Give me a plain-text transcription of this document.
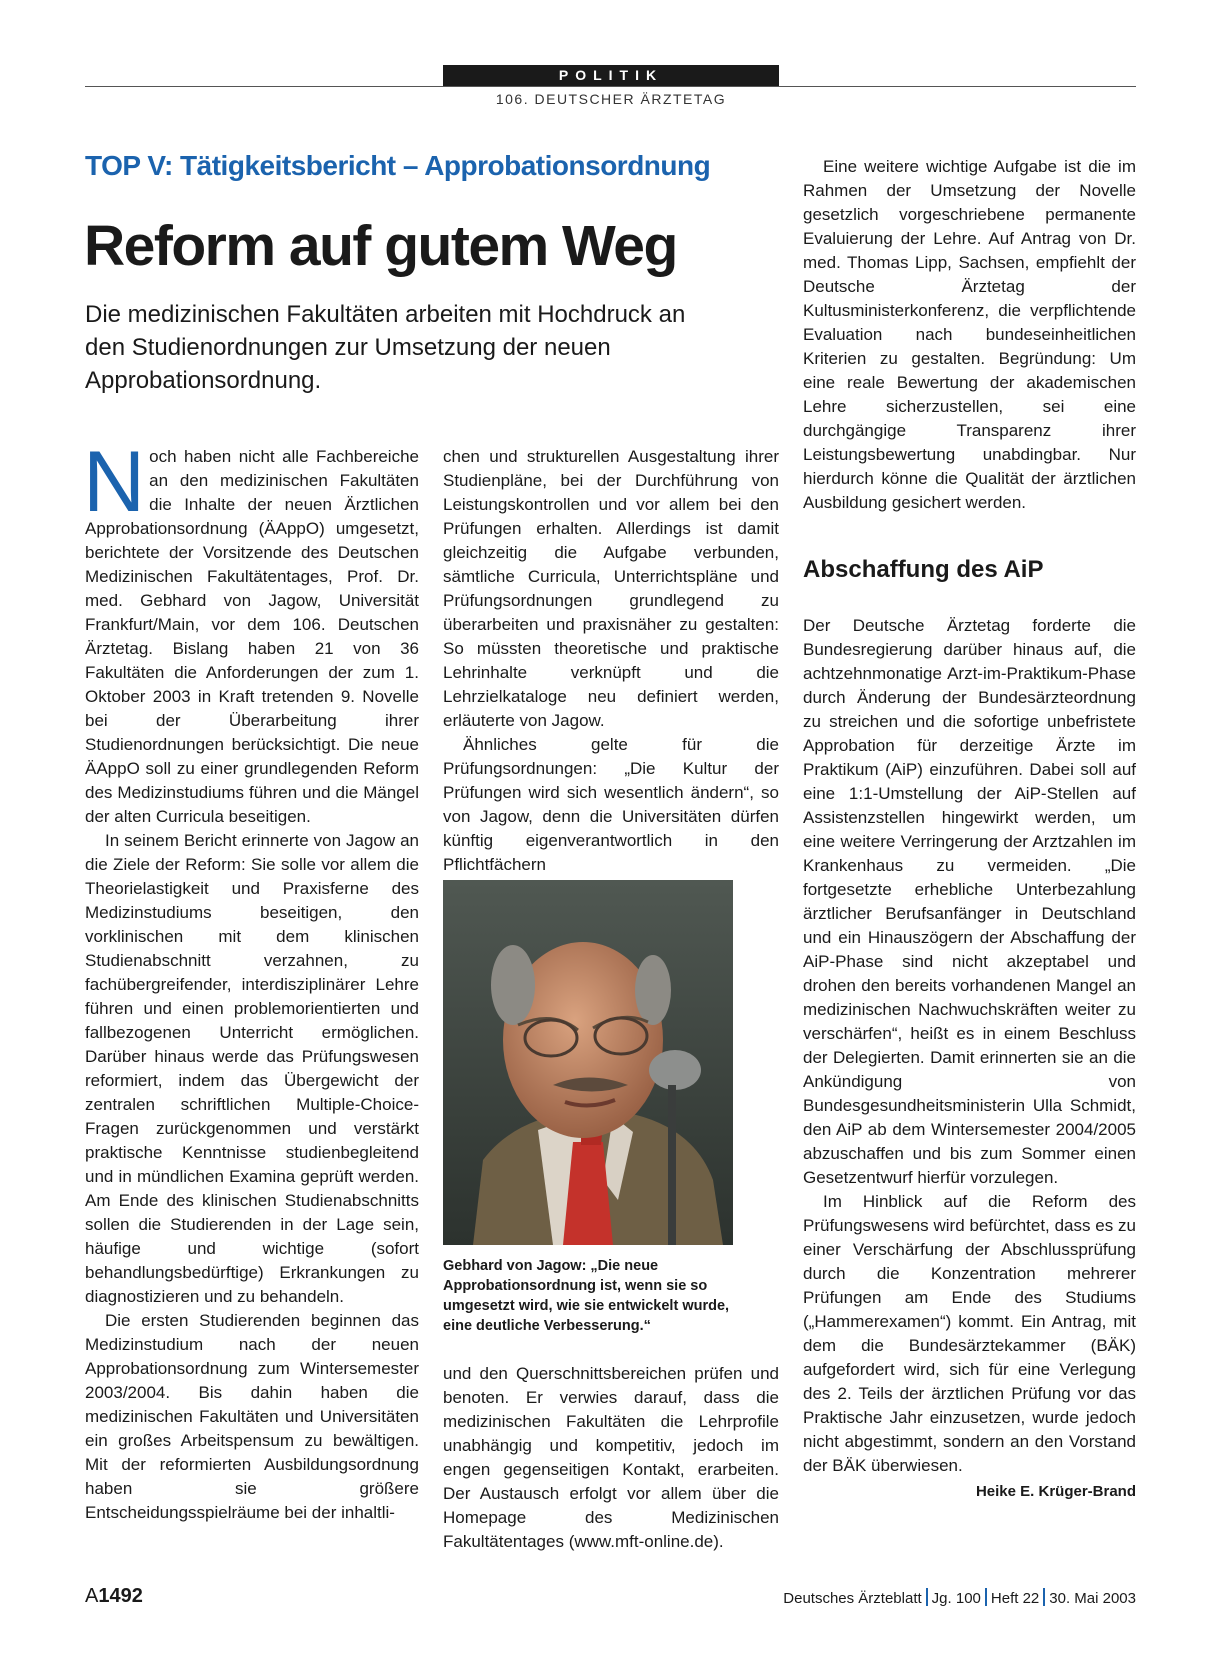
POLITIK
106. DEUTSCHER ÄRZTETAG
TOP V: Tätigkeitsbericht – Approbationsordnung
Reform auf gutem Weg
Die medizinischen Fakultäten arbeiten mit Hochdruck an den Studienordnungen zur Umsetzung der neuen Approbationsordnung.

Noch haben nicht alle Fachbereiche an den medizinischen Fakultäten die Inhalte der neuen Ärztlichen Approbationsordnung (ÄAppO) umgesetzt, berichtete der Vorsitzende des Deutschen Medizinischen Fakultätentages, Prof. Dr. med. Gebhard von Jagow, Universität Frankfurt/Main, vor dem 106. Deutschen Ärztetag. Bislang haben 21 von 36 Fakultäten die Anforderungen der zum 1. Oktober 2003 in Kraft tretenden 9. Novelle bei der Überarbeitung ihrer Studienordnungen berücksichtigt. Die neue ÄAppO soll zu einer grundlegenden Reform des Medizinstudiums führen und die Mängel der alten Curricula beseitigen.

In seinem Bericht erinnerte von Jagow an die Ziele der Reform: Sie solle vor allem die Theorielastigkeit und Praxisferne des Medizinstudiums beseitigen, den vorklinischen mit dem klinischen Studienabschnitt verzahnen, zu fachübergreifender, interdisziplinärer Lehre führen und einen problemorientierten und fallbezogenen Unterricht ermöglichen. Darüber hinaus werde das Prüfungswesen reformiert, indem das Übergewicht der zentralen schriftlichen Multiple-Choice-Fragen zurückgenommen und verstärkt praktische Kenntnisse studienbegleitend und in mündlichen Examina geprüft werden. Am Ende des klinischen Studienabschnitts sollen die Studierenden in der Lage sein, häufige und wichtige (sofort behandlungsbedürftige) Erkrankungen zu diagnostizieren und zu behandeln.

Die ersten Studierenden beginnen das Medizinstudium nach der neuen Approbationsordnung zum Wintersemester 2003/2004. Bis dahin haben die medizinischen Fakultäten und Universitäten ein großes Arbeitspensum zu bewältigen. Mit der reformierten Ausbildungsordnung haben sie größere Entscheidungsspielräume bei der inhaltli-

chen und strukturellen Ausgestaltung ihrer Studienpläne, bei der Durchführung von Leistungskontrollen und vor allem bei den Prüfungen erhalten. Allerdings ist damit gleichzeitig die Aufgabe verbunden, sämtliche Curricula, Unterrichtspläne und Prüfungsordnungen grundlegend zu überarbeiten und praxisnäher zu gestalten: So müssten theoretische und praktische Lehrinhalte verknüpft und die Lehrzielkataloge neu definiert werden, erläuterte von Jagow.

Ähnliches gelte für die Prüfungsordnungen: „Die Kultur der Prüfungen wird sich wesentlich ändern“, so von Jagow, denn die Universitäten dürfen künftig eigenverantwortlich in den Pflichtfächern

Gebhard von Jagow: „Die neue Approbationsordnung ist, wenn sie so umgesetzt wird, wie sie entwickelt wurde, eine deutliche Verbesserung.“

und den Querschnittsbereichen prüfen und benoten. Er verwies darauf, dass die medizinischen Fakultäten die Lehrprofile unabhängig und kompetitiv, jedoch im engen gegenseitigen Kontakt, erarbeiten. Der Austausch erfolgt vor allem über die Homepage des Medizinischen Fakultätentages (www.mft-online.de).

Eine weitere wichtige Aufgabe ist die im Rahmen der Umsetzung der Novelle gesetzlich vorgeschriebene permanente Evaluierung der Lehre. Auf Antrag von Dr. med. Thomas Lipp, Sachsen, empfiehlt der Deutsche Ärztetag der Kultusministerkonferenz, die verpflichtende Evaluation nach bundeseinheitlichen Kriterien zu gestalten. Begründung: Um eine reale Bewertung der akademischen Lehre sicherzustellen, sei eine durchgängige Transparenz ihrer Leistungsbewertung unabdingbar. Nur hierdurch könne die Qualität der ärztlichen Ausbildung gesichert werden.

Abschaffung des AiP

Der Deutsche Ärztetag forderte die Bundesregierung darüber hinaus auf, die achtzehnmonatige Arzt-im-Praktikum-Phase durch Änderung der Bundesärzteordnung zu streichen und die sofortige unbefristete Approbation für derzeitige Ärzte im Praktikum (AiP) einzuführen. Dabei soll auf eine 1:1-Umstellung der AiP-Stellen auf Assistenzstellen hingewirkt werden, um eine weitere Verringerung der Arztzahlen im Krankenhaus zu vermeiden. „Die fortgesetzte erhebliche Unterbezahlung ärztlicher Berufsanfänger in Deutschland und ein Hinauszögern der Abschaffung der AiP-Phase sind nicht akzeptabel und drohen den bereits vorhandenen Mangel an medizinischen Nachwuchskräften weiter zu verschärfen“, heißt es in einem Beschluss der Delegierten. Damit erinnerten sie an die Ankündigung von Bundesgesundheitsministerin Ulla Schmidt, den AiP ab dem Wintersemester 2004/2005 abzuschaffen und bis zum Sommer einen Gesetzentwurf hierfür vorzulegen.

Im Hinblick auf die Reform des Prüfungswesens wird befürchtet, dass es zu einer Verschärfung der Abschlussprüfung durch die Konzentration mehrerer Prüfungen am Ende des Studiums („Hammerexamen“) kommt. Ein Antrag, mit dem die Bundesärztekammer (BÄK) aufgefordert wird, sich für eine Verlegung des 2. Teils der ärztlichen Prüfung vor das Praktische Jahr einzusetzen, wurde jedoch nicht abgestimmt, sondern an den Vorstand der BÄK überwiesen.
Heike E. Krüger-Brand

A1492	Deutsches Ärzteblatt Jg. 100 Heft 22 30. Mai 2003
